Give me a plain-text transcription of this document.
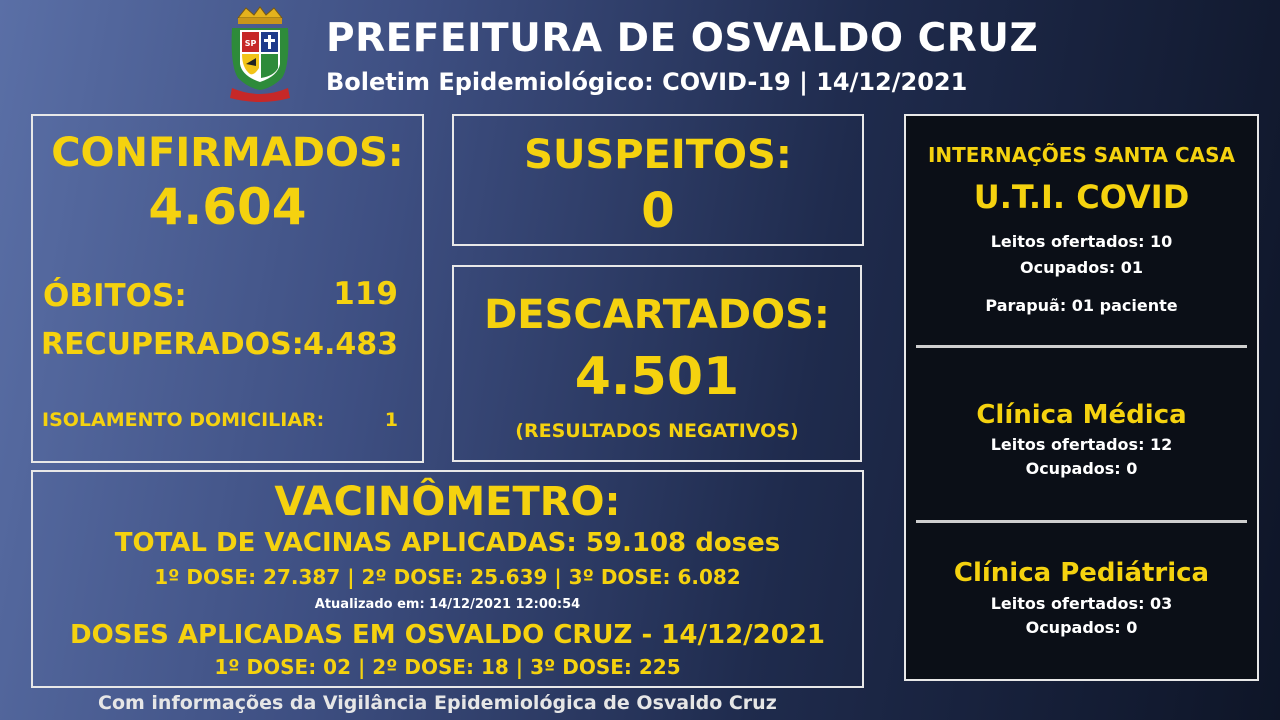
SP PREFEITURA DE OSVALDO CRUZ
Boletim Epidemiológico: COVID-19 | 14/12/2021
CONFIRMADOS:
4.604
ÓBITOS:	119
RECUPERADOS: 4.483
ISOLAMENTO DOMICILIAR:	1
SUSPEITOS:
0
DESCARTADOS:
4.501
(RESULTADOS NEGATIVOS)
VACINÔMETRO:
TOTAL DE VACINAS APLICADAS: 59.108 doses
1º DOSE: 27.387 | 2º DOSE: 25.639 | 3º DOSE: 6.082
Atualizado em: 14/12/2021 12:00:54
DOSES APLICADAS EM OSVALDO CRUZ - 14/12/2021
1º DOSE: 02 | 2º DOSE: 18 | 3º DOSE: 225
INTERNAÇÕES SANTA CASA
U.T.I. COVID
Leitos ofertados: 10
Ocupados: 01
Parapuã: 01 paciente
Clínica Médica
Leitos ofertados: 12
Ocupados: 0
Clínica Pediátrica
Leitos ofertados: 03
Ocupados: 0
Com informações da Vigilância Epidemiológica de Osvaldo Cruz
